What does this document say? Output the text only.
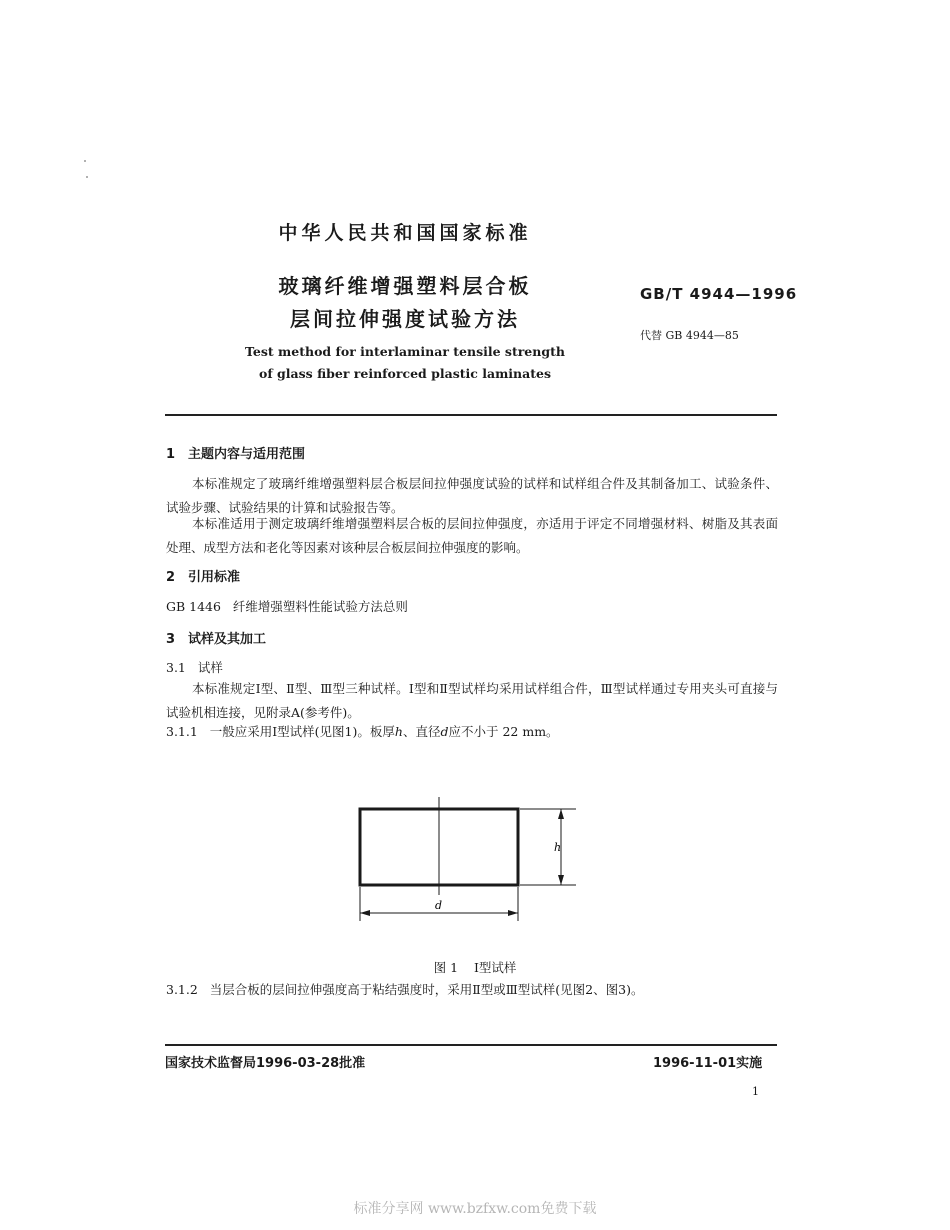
中华人民共和国国家标准
玻璃纤维增强塑料层合板
层间拉伸强度试验方法
Test method for interlaminar tensile strength
of glass fiber reinforced plastic laminates
GB/T 4944—1996
代替 GB 4944—85
1 主题内容与适用范围
本标准规定了玻璃纤维增强塑料层合板层间拉伸强度试验的试样和试样组合件及其制备加工、试验条件、试验步骤、试验结果的计算和试验报告等。
本标准适用于测定玻璃纤维增强塑料层合板的层间拉伸强度，亦适用于评定不同增强材料、树脂及其表面处理、成型方法和老化等因素对该种层合板层间拉伸强度的影响。
2 引用标准
GB 1446 纤维增强塑料性能试验方法总则
3 试样及其加工
3.1 试样
本标准规定Ⅰ型、Ⅱ型、Ⅲ型三种试样。Ⅰ型和Ⅱ型试样均采用试样组合件，Ⅲ型试样通过专用夹头可直接与试验机相连接，见附录A(参考件)。
3.1.1 一般应采用Ⅰ型试样(见图1)。板厚h、直径d应不小于 22 mm。
h
d
图 1 Ⅰ型试样
3.1.2 当层合板的层间拉伸强度高于粘结强度时，采用Ⅱ型或Ⅲ型试样(见图2、图3)。
国家技术监督局1996-03-28批准	1996-11-01实施
1
标准分享网 www.bzfxw.com免费下载
